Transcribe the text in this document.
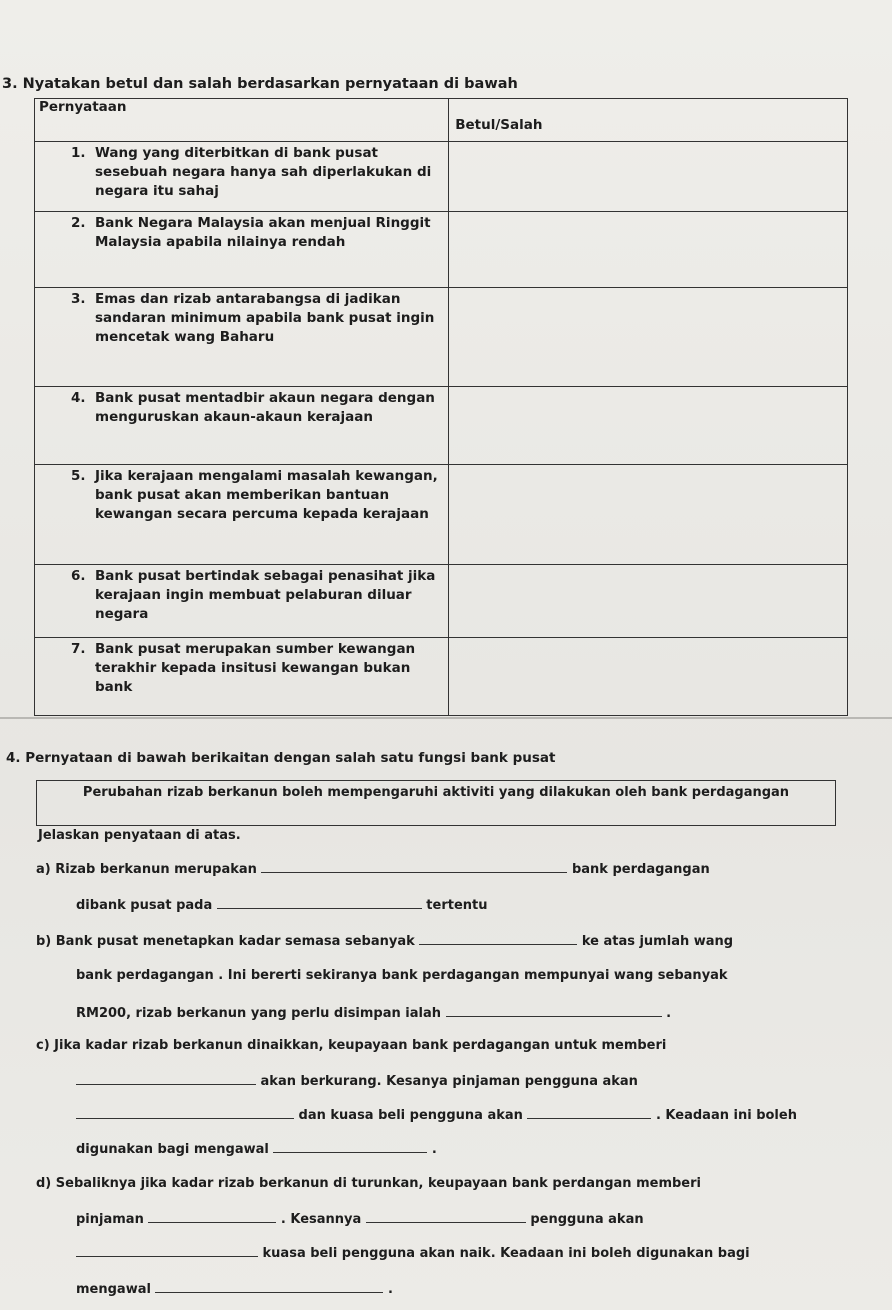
3. Nyatakan betul dan salah berdasarkan pernyataan di bawah
Pernyataan	Betul/Salah

1. Wang yang diterbitkan di bank pusat sesebuah negara hanya sah diperlakukan di negara itu sahaj	

2. Bank Negara Malaysia akan menjual Ringgit Malaysia apabila nilainya rendah	

3. Emas dan rizab antarabangsa di jadikan sandaran minimum apabila bank pusat ingin mencetak wang Baharu	

4. Bank pusat mentadbir akaun negara dengan menguruskan akaun-akaun kerajaan	

5. Jika kerajaan mengalami masalah kewangan, bank pusat akan memberikan bantuan kewangan secara percuma kepada kerajaan	

6. Bank pusat bertindak sebagai penasihat jika kerajaan ingin membuat pelaburan diluar negara	

7. Bank pusat merupakan sumber kewangan terakhir kepada insitusi kewangan bukan bank	

4. Pernyataan di bawah berikaitan dengan salah satu fungsi bank pusat
Perubahan rizab berkanun boleh mempengaruhi aktiviti yang dilakukan oleh bank perdagangan
Jelaskan penyataan di atas.
a) Rizab berkanun merupakan	bank perdagangan
dibank pusat pada	tertentu
b) Bank pusat menetapkan kadar semasa sebanyak	ke atas jumlah wang
bank perdagangan . Ini bererti sekiranya bank perdagangan mempunyai wang sebanyak
RM200, rizab berkanun yang perlu disimpan ialah	.
c) Jika kadar rizab berkanun dinaikkan, keupayaan bank perdagangan untuk memberi
akan berkurang. Kesanya pinjaman pengguna akan
dan kuasa beli pengguna akan	. Keadaan ini boleh
digunakan bagi mengawal	.
d) Sebaliknya jika kadar rizab berkanun di turunkan, keupayaan bank perdangan memberi
pinjaman	. Kesannya	pengguna akan
kuasa beli pengguna akan naik. Keadaan ini boleh digunakan bagi
mengawal	.
